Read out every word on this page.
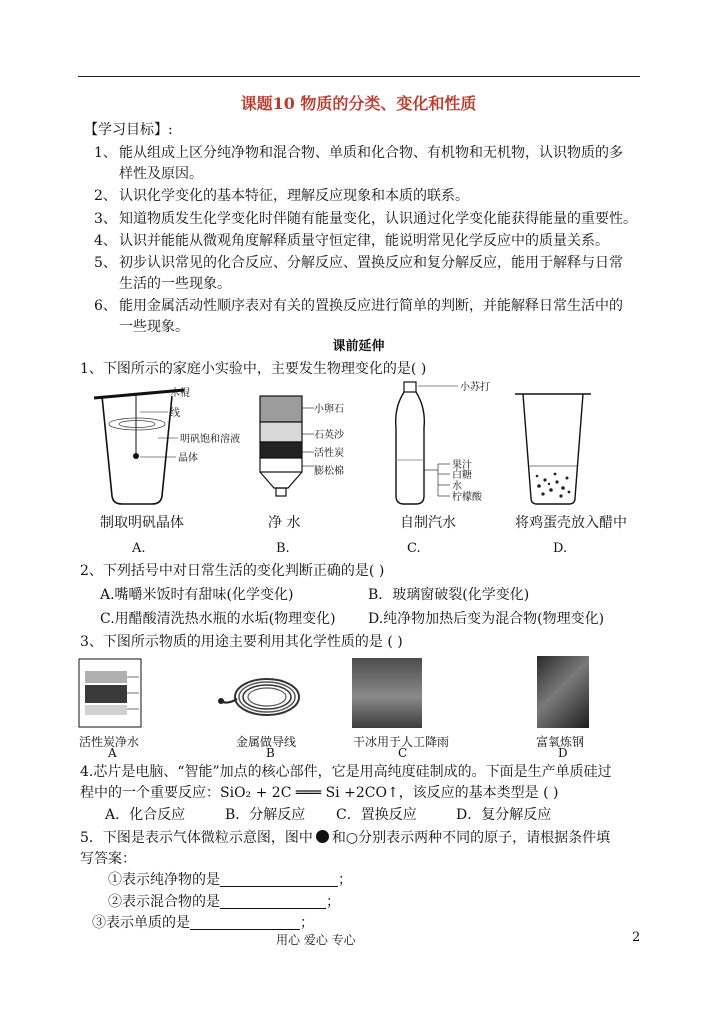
课题10 物质的分类、变化和性质
【学习目标】:
1、 能从组成上区分纯净物和混合物、单质和化合物、有机物和无机物，认识物质的多
样性及原因。
2、 认识化学变化的基本特征，理解反应现象和本质的联系。
3、 知道物质发生化学变化时伴随有能量变化，认识通过化学变化能获得能量的重要性。
4、 认识并能能从微观角度解释质量守恒定律，能说明常见化学反应中的质量关系。
5、 初步认识常见的化合反应、分解反应、置换反应和复分解反应，能用于解释与日常
生活的一些现象。
6、 能用金属活动性顺序表对有关的置换反应进行简单的判断，并能解释日常生活中的
一些现象。
课前延伸
1、下图所示的家庭小实验中，主要发生物理变化的是( )
木棍
线
明矾饱和溶液
晶体
小卵石
石英沙
活性炭
膨松棉
小苏打
果汁
白糖
水
柠檬酸
制取明矾晶体	净 水	自制汽水	将鸡蛋壳放入醋中
A.	B.	C.	D.
2、下列括号中对日常生活的变化判断正确的是( )
A.嘴嚼米饭时有甜味(化学变化)	B．玻璃窗破裂(化学变化)
C.用醋酸清洗热水瓶的水垢(物理变化) D.纯净物加热后变为混合物(物理变化)
3、下图所示物质的用途主要利用其化学性质的是 ( )
活性炭净水	金属做导线	干冰用于人工降雨	富氧炼钢
A	B	C	D
4.芯片是电脑、“智能”加点的核心部件，它是用高纯度硅制成的。下面是生产单质硅过
程中的一个重要反应：SiO₂ + 2C ═══ Si +2CO↑，该反应的基本类型是 ( )
A．化合反应	B．分解反应 C．置换反应	D．复分解反应
5．下图是表示气体微粒示意图，图中 和○分别表示两种不同的原子，请根据条件填
写答案：
①表示纯净物的是	；
②表示混合物的是	；
③表示单质的是	；
用心 爱心 专心	2
